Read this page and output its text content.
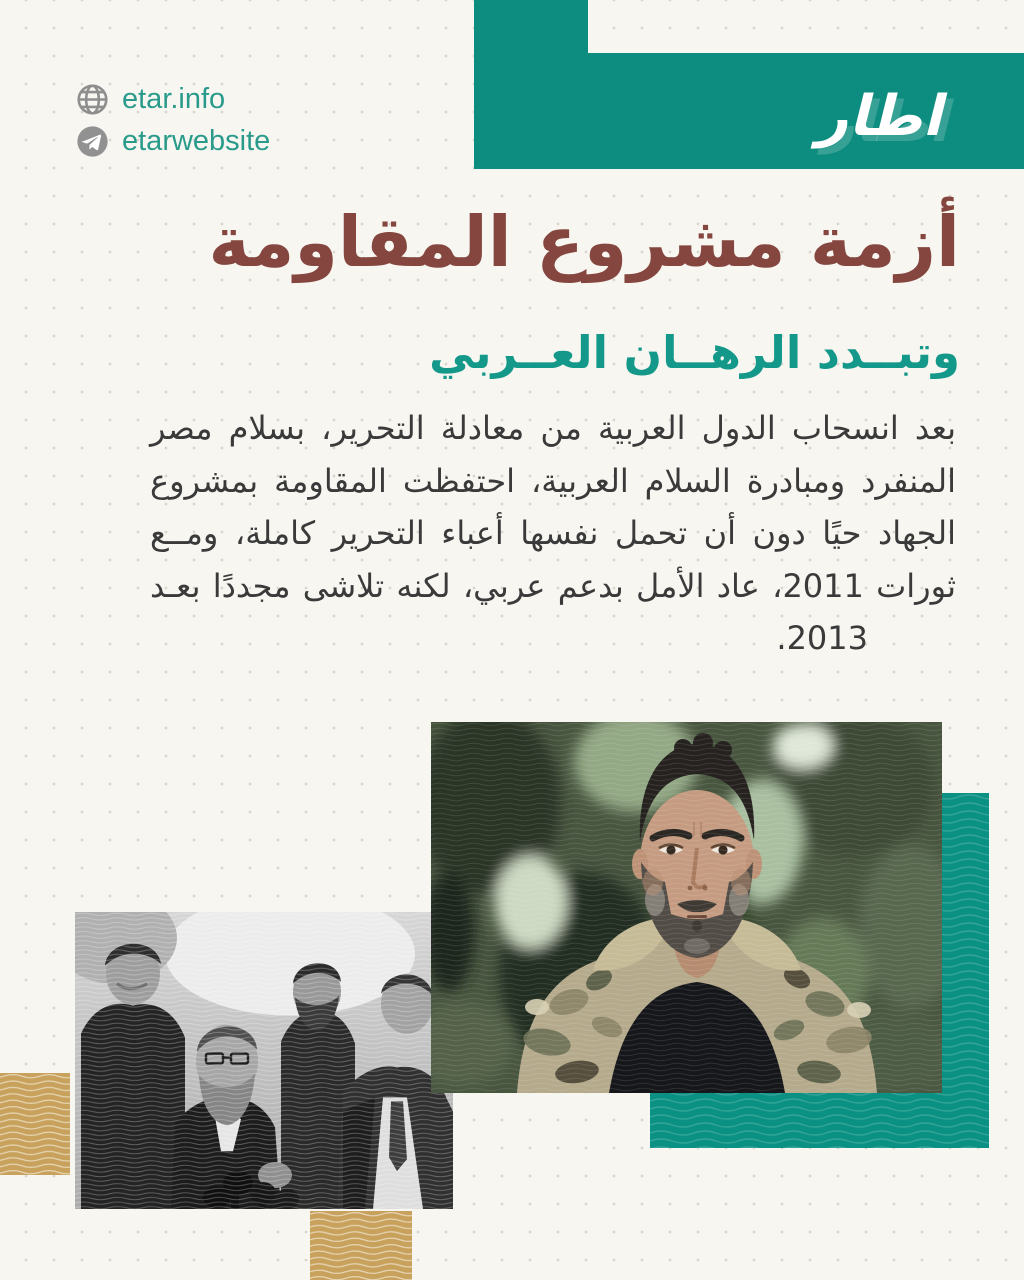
اطار
etar.info
etarwebsite
أزمة مشروع المقاومة
وتبــدد الرهــان العــربي
بعد انسحاب الدول العربية من معادلة التحرير، بسلام مصر
المنفرد ومبادرة السلام العربية، احتفظت المقاومة بمشروع
الجهاد حيًا دون أن تحمل نفسها أعباء التحرير كاملة، ومــع
ثورات 2011، عاد الأمل بدعم عربي، لكنه تلاشى مجددًا بعـد
2013.
